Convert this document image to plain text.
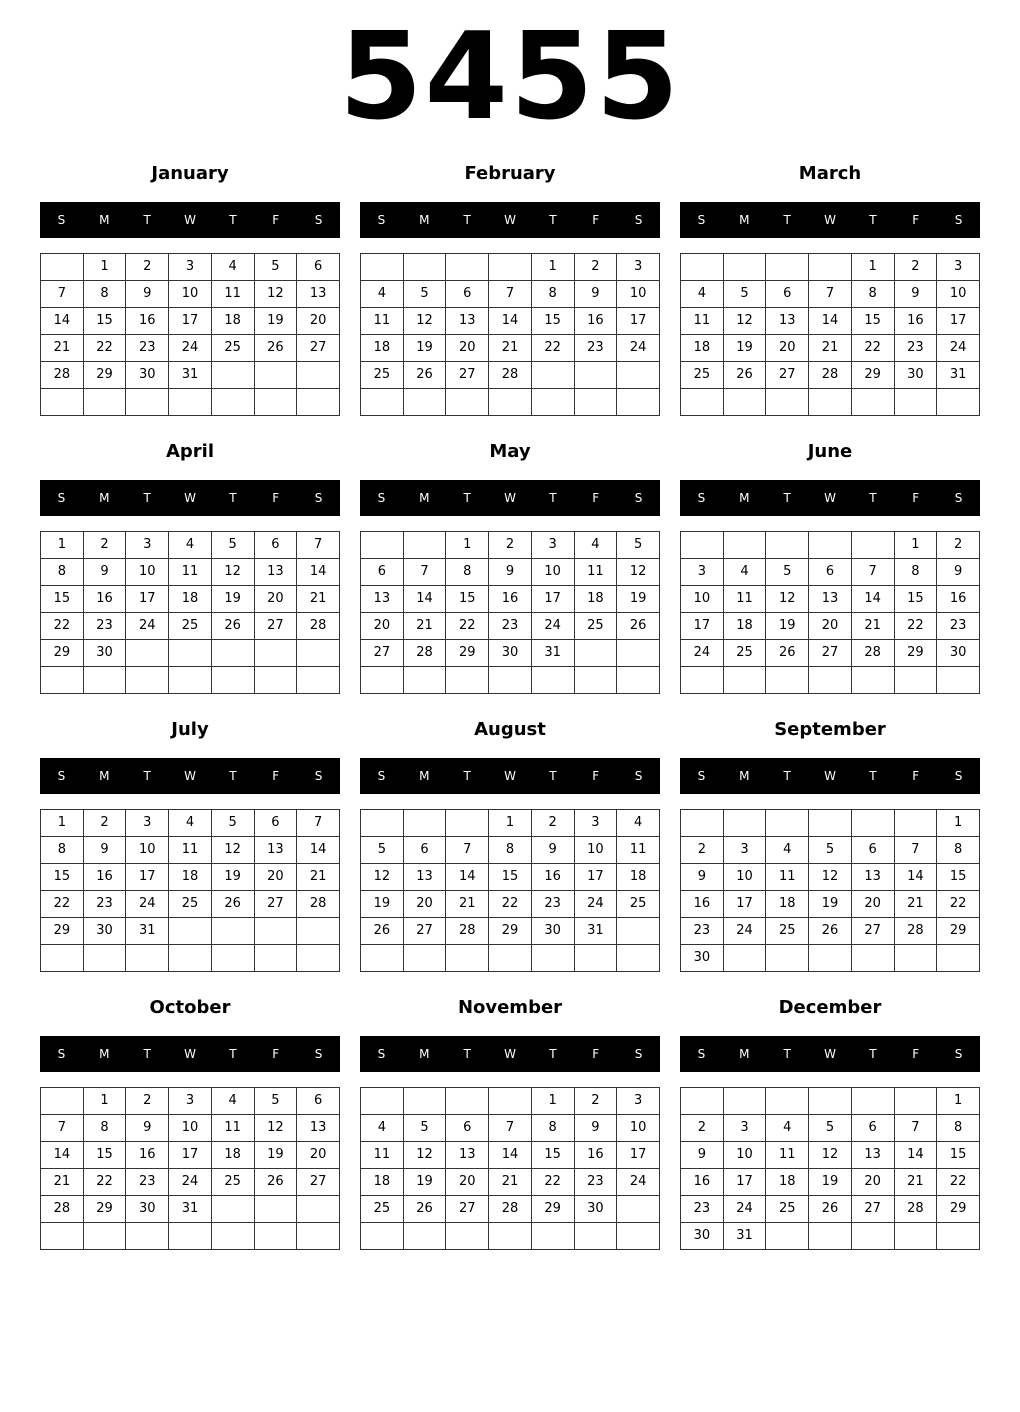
5455
January
S	M	T	W	T	F	S
	1	2	3	4	5	6
7	8	9	10	11	12	13
14	15	16	17	18	19	20
21	22	23	24	25	26	27
28	29	30	31			

February
S	M	T	W	T	F	S
				1	2	3
4	5	6	7	8	9	10
11	12	13	14	15	16	17
18	19	20	21	22	23	24
25	26	27	28			

March
S	M	T	W	T	F	S
				1	2	3
4	5	6	7	8	9	10
11	12	13	14	15	16	17
18	19	20	21	22	23	24
25	26	27	28	29	30	31

April
S	M	T	W	T	F	S
1	2	3	4	5	6	7
8	9	10	11	12	13	14
15	16	17	18	19	20	21
22	23	24	25	26	27	28
29	30					

May
S	M	T	W	T	F	S
		1	2	3	4	5
6	7	8	9	10	11	12
13	14	15	16	17	18	19
20	21	22	23	24	25	26
27	28	29	30	31		

June
S	M	T	W	T	F	S
					1	2
3	4	5	6	7	8	9
10	11	12	13	14	15	16
17	18	19	20	21	22	23
24	25	26	27	28	29	30

July
S	M	T	W	T	F	S
1	2	3	4	5	6	7
8	9	10	11	12	13	14
15	16	17	18	19	20	21
22	23	24	25	26	27	28
29	30	31				

August
S	M	T	W	T	F	S
			1	2	3	4
5	6	7	8	9	10	11
12	13	14	15	16	17	18
19	20	21	22	23	24	25
26	27	28	29	30	31	

September
S	M	T	W	T	F	S
						1
2	3	4	5	6	7	8
9	10	11	12	13	14	15
16	17	18	19	20	21	22
23	24	25	26	27	28	29
30						
October
S	M	T	W	T	F	S
	1	2	3	4	5	6
7	8	9	10	11	12	13
14	15	16	17	18	19	20
21	22	23	24	25	26	27
28	29	30	31			

November
S	M	T	W	T	F	S
				1	2	3
4	5	6	7	8	9	10
11	12	13	14	15	16	17
18	19	20	21	22	23	24
25	26	27	28	29	30	

December
S	M	T	W	T	F	S
						1
2	3	4	5	6	7	8
9	10	11	12	13	14	15
16	17	18	19	20	21	22
23	24	25	26	27	28	29
30	31					
